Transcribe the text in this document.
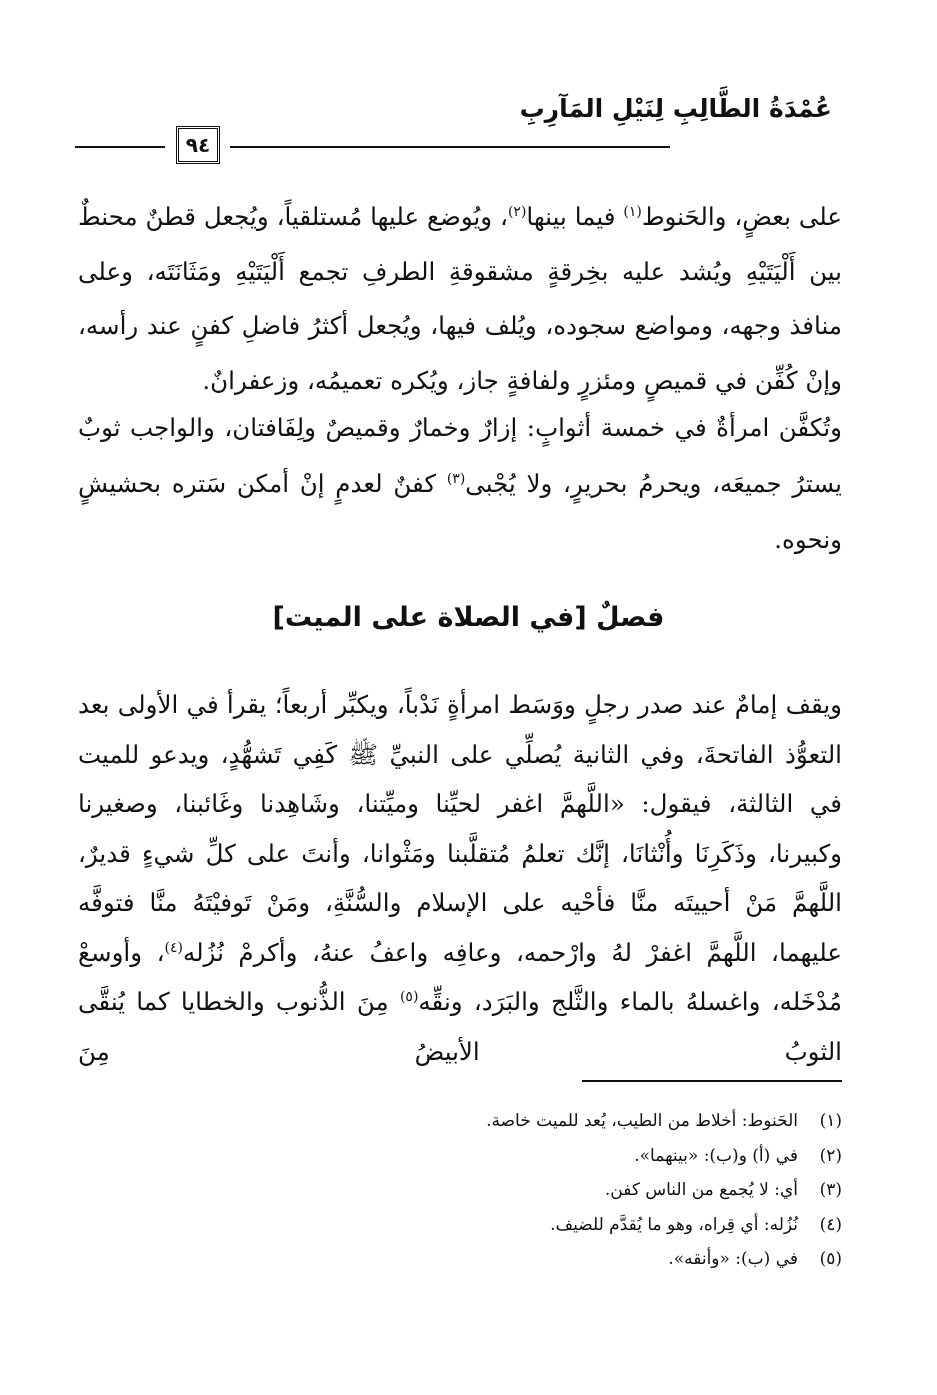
عُمْدَةُ الطَّالِبِ لِنَيْلِ المَآرِبِ
٩٤

على بعضٍ، والحَنوط$^{(١)}$ فيما بينها$^{(٢)}$، ويُوضع عليها مُستلقياً، ويُجعل قطنٌ محنطٌ بين أَلْيَتَيْهِ ويُشد عليه بخِرقةٍ مشقوقةِ الطرفِ تجمع أَلْيَتَيْهِ ومَثَانَتَه، وعلى منافذ وجهه، ومواضع سجوده، ويُلف فيها، ويُجعل أكثرُ فاضلِ كفنٍ عند رأسه، وإنْ كُفِّن في قميصٍ ومئزرٍ ولفافةٍ جاز، ويُكره تعميمُه، وزعفرانٌ.

وتُكفَّن امرأةٌ في خمسة أثوابٍ: إزارٌ وخمارٌ وقميصٌ ولِفَافتان، والواجب ثوبٌ يسترُ جميعَه، ويحرمُ بحريرٍ، ولا يُجْبى$^{(٣)}$ كفنٌ لعدمٍ إنْ أمكن سَتره بحشيشٍ ونحوه.

فصلٌ [في الصلاة على الميت]

ويقف إمامٌ عند صدر رجلٍ ووَسَط امرأةٍ نَدْباً، ويكبِّر أربعاً؛ يقرأ في الأولى بعد التعوُّذ الفاتحةَ، وفي الثانية يُصلِّي على النبيِّ ﷺ كَفِي تَشهُّدٍ، ويدعو للميت في الثالثة، فيقول: «اللَّهمَّ اغفر لحيِّنا وميِّتنا، وشَاهِدنا وغَائبنا، وصغيرنا وكبيرنا، وذَكَرِنَا وأُنْثانَا، إنَّك تعلمُ مُتقلَّبنا ومَثْوانا، وأنتَ على كلِّ شيءٍ قديرٌ، اللَّهمَّ مَنْ أحييتَه منَّا فأحْيه على الإسلام والسُّنَّةِ، ومَنْ تَوفيْتَهُ منَّا فتوفَّه عليهما، اللَّهمَّ اغفرْ لهُ وارْحمه، وعافِه واعفُ عنهُ، وأكرمْ نُزُله$^{(٤)}$، وأوسعْ مُدْخَله، واغسلهُ بالماء والثَّلج والبَرَد، ونقِّه$^{(٥)}$ مِنَ الذُّنوب والخطايا كما يُنقَّى الثوبُ الأبيضُ مِنَ

(١)الحَنوط: أخلاط من الطيب، يُعد للميت خاصة.
(٢)في (أ) و(ب): «بينهما».
(٣)أي: لا يُجمع من الناس كفن.
(٤)نُزُله: أي قِراه، وهو ما يُقدَّم للضيف.
(٥)في (ب): «وأنقه».
